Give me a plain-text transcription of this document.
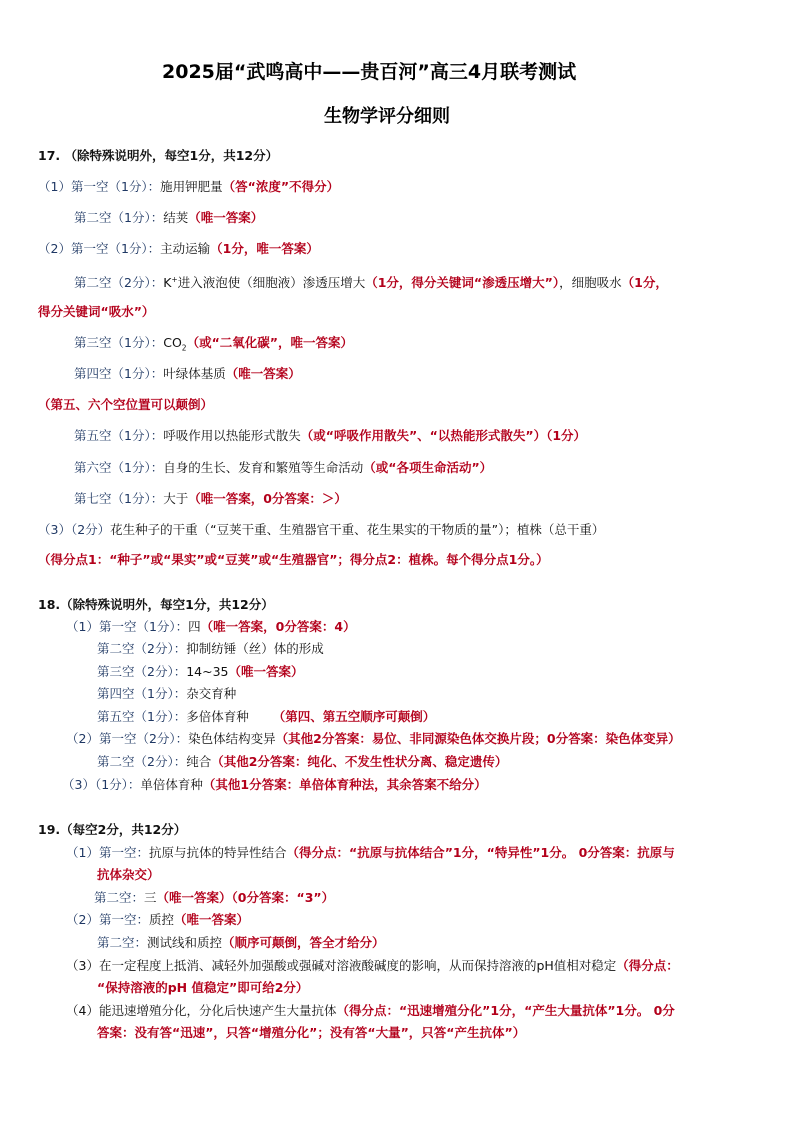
2025届“武鸣高中——贵百河”高三4月联考测试
生物学评分细则
17. （除特殊说明外，每空1分，共12分）
（1）第一空（1分）：施用钾肥量（答“浓度”不得分）
第二空（1分）：结荚（唯一答案）
（2）第一空（1分）：主动运输（1分，唯一答案）
第二空（2分）：K+进入液泡使（细胞液）渗透压增大（1分，得分关键词“渗透压增大”），细胞吸水（1分，
得分关键词“吸水”）
第三空（1分）：$CO_2$（或“二氧化碳”，唯一答案）
第四空（1分）：叶绿体基质（唯一答案）
（第五、六个空位置可以颠倒）
第五空（1分）：呼吸作用以热能形式散失（或“呼吸作用散失”、“以热能形式散失”）（1分）
第六空（1分）：自身的生长、发育和繁殖等生命活动（或“各项生命活动”）
第七空（1分）：大于（唯一答案，0分答案：＞）
（3）（2分）花生种子的干重（“豆荚干重、生殖器官干重、花生果实的干物质的量”）；植株（总干重）
（得分点1：“种子”或“果实”或“豆荚”或“生殖器官”；得分点2：植株。每个得分点1分。）
18.（除特殊说明外，每空1分，共12分）
（1）第一空（1分）：四（唯一答案，0分答案：4）
第二空（2分）：抑制纺锤（丝）体的形成
第三空（2分）：14~35（唯一答案）
第四空（1分）：杂交育种
第五空（1分）：多倍体育种 （第四、第五空顺序可颠倒）
（2）第一空（2分）：染色体结构变异（其他2分答案：易位、非同源染色体交换片段；0分答案：染色体变异）
第二空（2分）：纯合（其他2分答案：纯化、不发生性状分离、稳定遗传）
（3）（1分）：单倍体育种（其他1分答案：单倍体育种法，其余答案不给分）
19.（每空2分，共12分）
（1）第一空：抗原与抗体的特异性结合（得分点：“抗原与抗体结合”1分，“特异性”1分。 0分答案：抗原与
抗体杂交）
第二空：三（唯一答案）（0分答案：“3”）
（2）第一空：质控（唯一答案）
第二空：测试线和质控（顺序可颠倒，答全才给分）
（3）在一定程度上抵消、减轻外加强酸或强碱对溶液酸碱度的影响，从而保持溶液的pH值相对稳定（得分点：
“保持溶液的pH 值稳定”即可给2分）
（4）能迅速增殖分化，分化后快速产生大量抗体（得分点：“迅速增殖分化”1分，“产生大量抗体”1分。 0分
答案：没有答“迅速”，只答“增殖分化”；没有答“大量”，只答“产生抗体”）
